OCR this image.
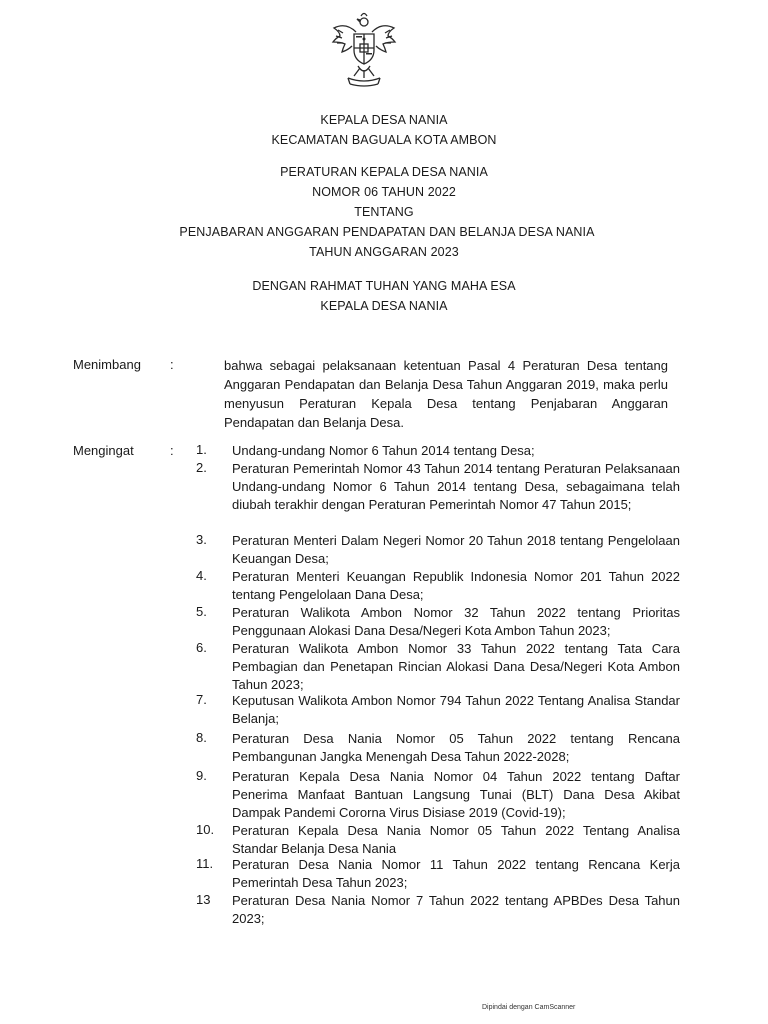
KEPALA DESA NANIA
KECAMATAN BAGUALA KOTA AMBON
PERATURAN KEPALA DESA NANIA
NOMOR 06 TAHUN 2022
TENTANG
PENJABARAN ANGGARAN PENDAPATAN DAN BELANJA DESA NANIA
TAHUN ANGGARAN 2023
DENGAN RAHMAT TUHAN YANG MAHA ESA
KEPALA DESA NANIA
Menimbang :	bahwa sebagai pelaksanaan ketentuan Pasal 4 Peraturan Desa tentang Anggaran Pendapatan dan Belanja Desa Tahun Anggaran 2019, maka perlu menyusun Peraturan Kepala Desa tentang Penjabaran Anggaran Pendapatan dan Belanja Desa.
Mengingat	: 1.	Undang-undang Nomor 6 Tahun 2014 tentang Desa;
2.	Peraturan Pemerintah Nomor 43 Tahun 2014 tentang Peraturan Pelaksanaan Undang-undang Nomor 6 Tahun 2014 tentang Desa, sebagaimana telah diubah terakhir dengan Peraturan Pemerintah Nomor 47 Tahun 2015;
3.	Peraturan Menteri Dalam Negeri Nomor 20 Tahun 2018 tentang Pengelolaan Keuangan Desa;
4.	Peraturan Menteri Keuangan Republik Indonesia Nomor 201 Tahun 2022 tentang Pengelolaan Dana Desa;
5.	Peraturan Walikota Ambon Nomor 32 Tahun 2022 tentang Prioritas Penggunaan Alokasi Dana Desa/Negeri Kota Ambon Tahun 2023;
6.	Peraturan Walikota Ambon Nomor 33 Tahun 2022 tentang Tata Cara Pembagian dan Penetapan Rincian Alokasi Dana Desa/Negeri Kota Ambon Tahun 2023;
7.	Keputusan Walikota Ambon Nomor 794 Tahun 2022 Tentang Analisa Standar Belanja;
8.	Peraturan Desa Nania Nomor 05 Tahun 2022 tentang Rencana Pembangunan Jangka Menengah Desa Tahun 2022-2028;
9.	Peraturan Kepala Desa Nania Nomor 04 Tahun 2022 tentang Daftar Penerima Manfaat Bantuan Langsung Tunai (BLT) Dana Desa Akibat Dampak Pandemi Cororna Virus Disiase 2019 (Covid-19);
10.	Peraturan Kepala Desa Nania Nomor 05 Tahun 2022 Tentang Analisa Standar Belanja Desa Nania
11.	Peraturan Desa Nania Nomor 11 Tahun 2022 tentang Rencana Kerja Pemerintah Desa Tahun 2023;
13	Peraturan Desa Nania Nomor 7 Tahun 2022 tentang APBDes Desa Tahun 2023;
Dipindai dengan CamScanner
